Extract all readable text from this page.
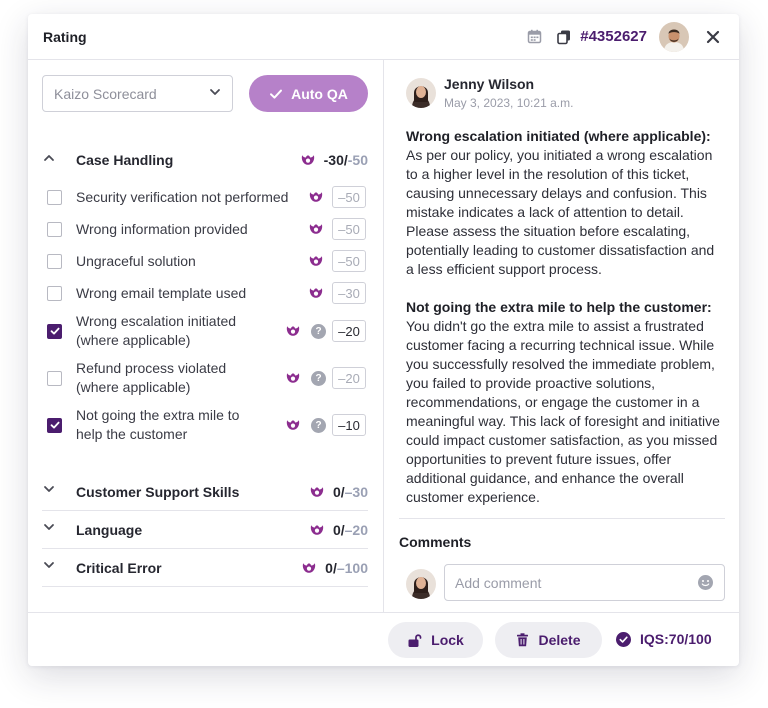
Rating	#4352627
Kaizo Scorecard	Auto QA
Case Handling	-30/ -50
Security verification not performed	–50
Wrong information provided	–50
Ungraceful solution	–50
Wrong email template used	–30
Wrong escalation initiated
(where applicable)
?	–20
Refund process violated
(where applicable)
?	–20
Not going the extra mile to
help the customer
?	–10
Customer Support Skills	0/ –30
Language	0/ –20
Critical Error	0/ –100
Jenny Wilson
May 3, 2023, 10:21 a.m.
Wrong escalation initiated (where applicable):
As per our policy, you initiated a wrong escalation to a higher level in the resolution of this ticket, causing unnecessary delays and confusion. This mistake indicates a lack of attention to detail. Please assess the situation before escalating, potentially leading to customer dissatisfaction and a less efficient support process.
Not going the extra mile to help the customer:
You didn't go the extra mile to assist a frustrated customer facing a recurring technical issue. While you successfully resolved the immediate problem, you failed to provide proactive solutions, recommendations, or engage the customer in a meaningful way. This lack of foresight and initiative could impact customer satisfaction, as you missed opportunities to prevent future issues, offer additional guidance, and enhance the overall customer experience.
Comments
Add comment
Lock	Delete	IQS:70/100
